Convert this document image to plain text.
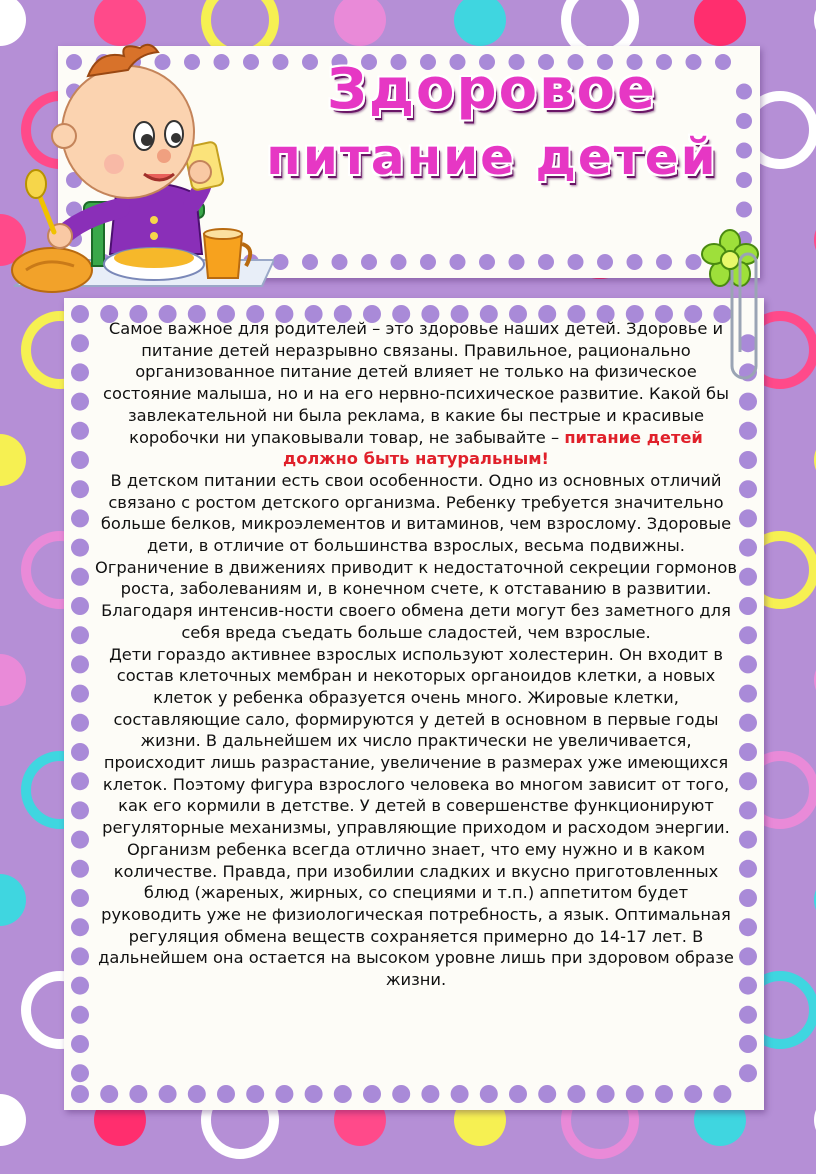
Здоровое
питание детей

Самое важное для родителей – это здоровье наших детей. Здоровье и питание детей неразрывно связаны. Правильное, рационально организованное питание детей влияет не только на физическое состояние малыша, но и на его нервно-психическое развитие. Какой бы завлекательной ни была реклама, в какие бы пестрые и красивые коробочки ни упаковывали товар, не забывайте – питание детей должно быть натуральным!

В детском питании есть свои особенности. Одно из основных отличий связано с ростом детского организма. Ребенку требуется значительно больше белков, микроэлементов и витаминов, чем взрослому. Здоровые дети, в отличие от большинства взрослых, весьма подвижны. Ограничение в движениях приводит к недостаточной секреции гормонов роста, заболеваниям и, в конечном счете, к отставанию в развитии. Благодаря интенсив-ности своего обмена дети могут без заметного для себя вреда съедать больше сладостей, чем взрослые.

Дети гораздо активнее взрослых используют холестерин. Он входит в состав клеточных мембран и некоторых органоидов клетки, а новых клеток у ребенка образуется очень много. Жировые клетки, составляющие сало, формируются у детей в основном в первые годы жизни. В дальнейшем их число практически не увеличивается, происходит лишь разрастание, увеличение в размерах уже имеющихся клеток. Поэтому фигура взрослого человека во многом зависит от того, как его кормили в детстве. У детей в совершенстве функционируют регуляторные механизмы, управляющие приходом и расходом энергии. Организм ребенка всегда отлично знает, что ему нужно и в каком количестве. Правда, при изобилии сладких и вкусно приготовленных блюд (жареных, жирных, со специями и т.п.) аппетитом будет руководить уже не физиологическая потребность, а язык. Оптимальная регуляция обмена веществ сохраняется примерно до 14-17 лет. В дальнейшем она остается на высоком уровне лишь при здоровом образе жизни.
